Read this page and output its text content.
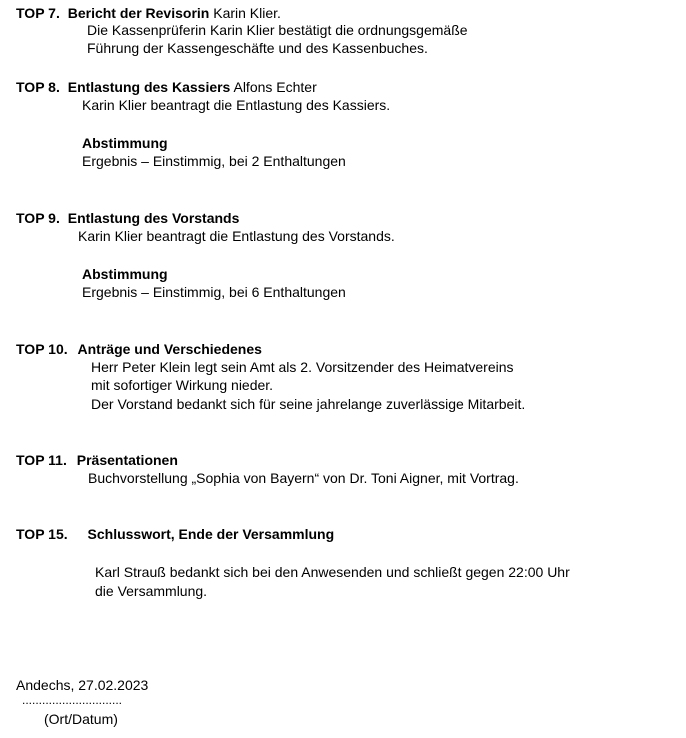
TOP 7. Bericht der Revisorin Karin Klier.
Die Kassenprüferin Karin Klier bestätigt die ordnungsgemäße
Führung der Kassengeschäfte und des Kassenbuches.
TOP 8. Entlastung des Kassiers Alfons Echter
Karin Klier beantragt die Entlastung des Kassiers.
Abstimmung
Ergebnis – Einstimmig, bei 2 Enthaltungen
TOP 9. Entlastung des Vorstands
Karin Klier beantragt die Entlastung des Vorstands.
Abstimmung
Ergebnis – Einstimmig, bei 6 Enthaltungen
TOP 10. Anträge und Verschiedenes
Herr Peter Klein legt sein Amt als 2. Vorsitzender des Heimatvereins
mit sofortiger Wirkung nieder.
Der Vorstand bedankt sich für seine jahrelange zuverlässige Mitarbeit.
TOP 11. Präsentationen
Buchvorstellung „Sophia von Bayern“ von Dr. Toni Aigner, mit Vortrag.
TOP 15. Schlusswort, Ende der Versammlung
Karl Strauß bedankt sich bei den Anwesenden und schließt gegen 22:00 Uhr
die Versammlung.
Andechs, 27.02.2023
..............................
(Ort/Datum)
